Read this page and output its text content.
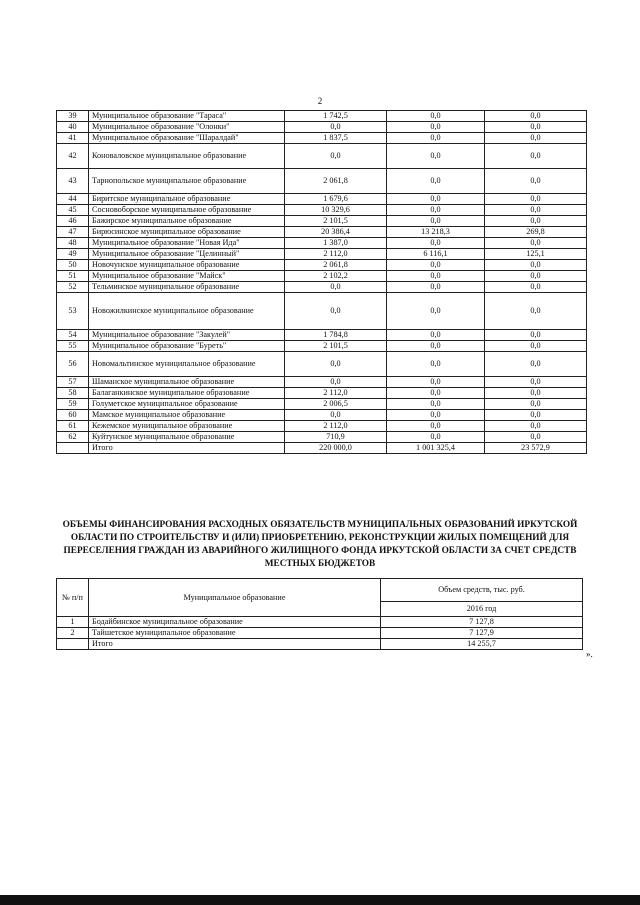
2
39	Муниципальное образование "Тараса"	1 742,5	0,0	0,0
40	Муниципальное образование "Олонки"	0,0	0,0	0,0
41	Муниципальное образование "Шаралдай"	1 837,5	0,0	0,0
42	Коноваловское муниципальное образование	0,0	0,0	0,0
43	Тарнопольское муниципальное образование	2 061,8	0,0	0,0
44	Биритское муниципальное образование	1 679,6	0,0	0,0
45	Сосновоборское муниципальное образование	10 329,6	0,0	0,0
46	Бажирское муниципальное образование	2 101,5	0,0	0,0
47	Бирюсинское муниципальное образование	20 386,4	13 218,3	269,8
48	Муниципальное образование "Новая Ида"	1 387,0	0,0	0,0
49	Муниципальное образование "Целинный"	2 112,0	6 116,1	125,1
50	Новочунское муниципальное образование	2 061,8	0,0	0,0
51	Муниципальное образование "Майск"	2 102,2	0,0	0,0
52	Тельминское муниципальное образование	0,0	0,0	0,0
53	Новожилкинское муниципальное образование	0,0	0,0	0,0
54	Муниципальное образование "Закулей"	1 784,8	0,0	0,0
55	Муниципальное образование "Буреть"	2 101,5	0,0	0,0
56	Новомальтинское муниципальное образование	0,0	0,0	0,0
57	Шаманское муниципальное образование	0,0	0,0	0,0
58	Балаганкинское муниципальное образование	2 112,0	0,0	0,0
59	Голуметское муниципальное образование	2 006,5	0,0	0,0
60	Мамское муниципальное образование	0,0	0,0	0,0
61	Кежемское муниципальное образование	2 112,0	0,0	0,0
62	Куйтунское муниципальное образование	710,9	0,0	0,0
	Итого	220 000,0	1 001 325,4	23 572,9
ОБЪЕМЫ ФИНАНСИРОВАНИЯ РАСХОДНЫХ ОБЯЗАТЕЛЬСТВ МУНИЦИПАЛЬНЫХ ОБРАЗОВАНИЙ ИРКУТСКОЙ ОБЛАСТИ ПО СТРОИТЕЛЬСТВУ И (ИЛИ) ПРИОБРЕТЕНИЮ, РЕКОНСТРУКЦИИ ЖИЛЫХ ПОМЕЩЕНИЙ ДЛЯ ПЕРЕСЕЛЕНИЯ ГРАЖДАН ИЗ АВАРИЙНОГО ЖИЛИЩНОГО ФОНДА ИРКУТСКОЙ ОБЛАСТИ ЗА СЧЕТ СРЕДСТВ МЕСТНЫХ БЮДЖЕТОВ
№ п/п	Муниципальное образование	Объем средств, тыс. руб.
		2016 год
1	Бодайбинское муниципальное образование	7 127,8
2	Тайшетское муниципальное образование	7 127,9
	Итого	14 255,7
».
